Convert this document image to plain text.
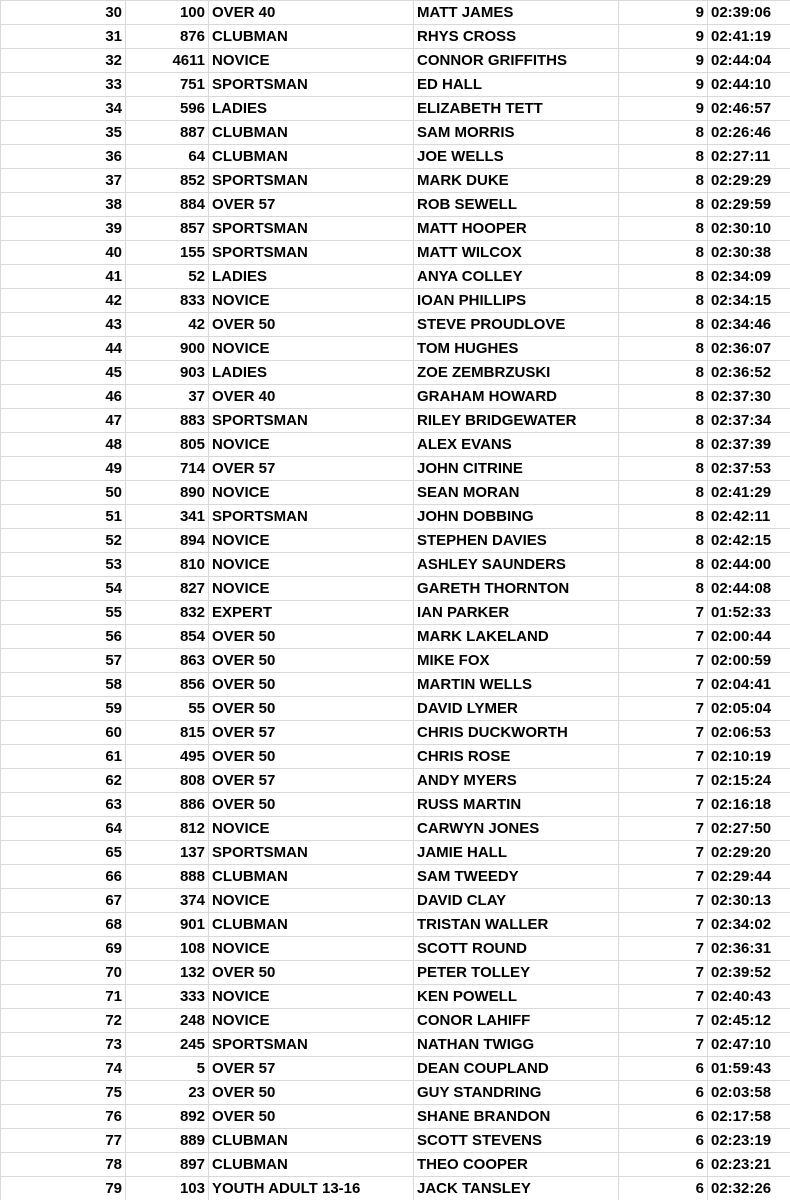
30	100	OVER 40	MATT JAMES	9	02:39:06
31	876	CLUBMAN	RHYS CROSS	9	02:41:19
32	4611	NOVICE	CONNOR GRIFFITHS	9	02:44:04
33	751	SPORTSMAN	ED HALL	9	02:44:10
34	596	LADIES	ELIZABETH TETT	9	02:46:57
35	887	CLUBMAN	SAM MORRIS	8	02:26:46
36	64	CLUBMAN	JOE WELLS	8	02:27:11
37	852	SPORTSMAN	MARK DUKE	8	02:29:29
38	884	OVER 57	ROB SEWELL	8	02:29:59
39	857	SPORTSMAN	MATT HOOPER	8	02:30:10
40	155	SPORTSMAN	MATT WILCOX	8	02:30:38
41	52	LADIES	ANYA COLLEY	8	02:34:09
42	833	NOVICE	IOAN PHILLIPS	8	02:34:15
43	42	OVER 50	STEVE PROUDLOVE	8	02:34:46
44	900	NOVICE	TOM HUGHES	8	02:36:07
45	903	LADIES	ZOE ZEMBRZUSKI	8	02:36:52
46	37	OVER 40	GRAHAM HOWARD	8	02:37:30
47	883	SPORTSMAN	RILEY BRIDGEWATER	8	02:37:34
48	805	NOVICE	ALEX EVANS	8	02:37:39
49	714	OVER 57	JOHN CITRINE	8	02:37:53
50	890	NOVICE	SEAN MORAN	8	02:41:29
51	341	SPORTSMAN	JOHN DOBBING	8	02:42:11
52	894	NOVICE	STEPHEN DAVIES	8	02:42:15
53	810	NOVICE	ASHLEY SAUNDERS	8	02:44:00
54	827	NOVICE	GARETH THORNTON	8	02:44:08
55	832	EXPERT	IAN PARKER	7	01:52:33
56	854	OVER 50	MARK LAKELAND	7	02:00:44
57	863	OVER 50	MIKE FOX	7	02:00:59
58	856	OVER 50	MARTIN WELLS	7	02:04:41
59	55	OVER 50	DAVID LYMER	7	02:05:04
60	815	OVER 57	CHRIS DUCKWORTH	7	02:06:53
61	495	OVER 50	CHRIS ROSE	7	02:10:19
62	808	OVER 57	ANDY MYERS	7	02:15:24
63	886	OVER 50	RUSS MARTIN	7	02:16:18
64	812	NOVICE	CARWYN JONES	7	02:27:50
65	137	SPORTSMAN	JAMIE HALL	7	02:29:20
66	888	CLUBMAN	SAM TWEEDY	7	02:29:44
67	374	NOVICE	DAVID CLAY	7	02:30:13
68	901	CLUBMAN	TRISTAN WALLER	7	02:34:02
69	108	NOVICE	SCOTT ROUND	7	02:36:31
70	132	OVER 50	PETER TOLLEY	7	02:39:52
71	333	NOVICE	KEN POWELL	7	02:40:43
72	248	NOVICE	CONOR LAHIFF	7	02:45:12
73	245	SPORTSMAN	NATHAN TWIGG	7	02:47:10
74	5	OVER 57	DEAN COUPLAND	6	01:59:43
75	23	OVER 50	GUY STANDRING	6	02:03:58
76	892	OVER 50	SHANE BRANDON	6	02:17:58
77	889	CLUBMAN	SCOTT STEVENS	6	02:23:19
78	897	CLUBMAN	THEO COOPER	6	02:23:21
79	103	YOUTH ADULT 13-16	JACK TANSLEY	6	02:32:26
